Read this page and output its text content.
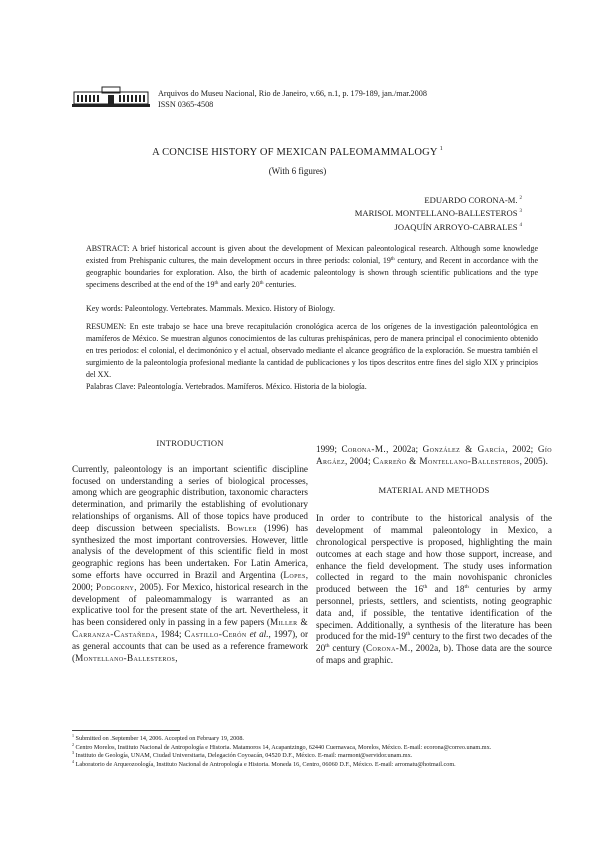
Arquivos do Museu Nacional, Rio de Janeiro, v.66, n.1, p. 179-189, jan./mar.2008
ISSN 0365-4508
A CONCISE HISTORY OF MEXICAN PALEOMAMMALOGY $^1$
(With 6 figures)
EDUARDO CORONA-M. $^2$
MARISOL MONTELLANO-BALLESTEROS $^3$
JOAQUÍN ARROYO-CABRALES $^4$

ABSTRACT: A brief historical account is given about the development of Mexican paleontological research. Although some knowledge existed from Prehispanic cultures, the main development occurs in three periods: colonial, 19th century, and Recent in accordance with the geographic boundaries for exploration. Also, the birth of academic paleontology is shown through scientific publications and the type specimens described at the end of the 19th and early 20th centuries.

Key words: Paleontology. Vertebrates. Mammals. Mexico. History of Biology.
RESUMEN: En este trabajo se hace una breve recapitulación cronológica acerca de los orígenes de la investigación paleontológica en mamíferos de México. Se muestran algunos conocimientos de las culturas prehispánicas, pero de manera principal el conocimiento obtenido en tres periodos: el colonial, el decimonónico y el actual, observado mediante el alcance geográfico de la exploración. Se muestra también el surgimiento de la paleontología profesional mediante la cantidad de publicaciones y los tipos descritos entre fines del siglo XIX y principios del XX.
Palabras Clave: Paleontología. Vertebrados. Mamíferos. México. Historia de la biología.
INTRODUCTION

Currently, paleontology is an important scientific discipline focused on understanding a series of biological processes, among which are geographic distribution, taxonomic characters determination, and primarily the establishing of evolutionary relationships of organisms. All of those topics have produced deep discussion between specialists. Bowler (1996) has synthesized the most important controversies. However, little analysis of the development of this scientific field in most geographic regions has been undertaken. For Latin America, some efforts have occurred in Brazil and Argentina (Lopes, 2000; Podgorny, 2005). For Mexico, historical research in the development of paleomammalogy is warranted as an explicative tool for the present state of the art. Nevertheless, it has been considered only in passing in a few papers (Miller & Carranza-Castañeda, 1984; Castillo-Cerón et al., 1997), or as general accounts that can be used as a reference framework (Montellano-Ballesteros,

1999; Corona-M., 2002a; González & García, 2002; Gío Argáez, 2004; Carreño & Montellano-Ballesteros, 2005).

MATERIAL AND METHODS

In order to contribute to the historical analysis of the development of mammal paleontology in Mexico, a chronological perspective is proposed, highlighting the main outcomes at each stage and how those support, increase, and enhance the field development. The study uses information collected in regard to the main novohispanic chronicles produced between the 16th and 18th centuries by army personnel, priests, settlers, and scientists, noting geographic data and, if possible, the tentative identification of the specimen. Additionally, a synthesis of the literature has been produced for the mid-19th century to the first two decades of the 20th century (Corona-M., 2002a, b). Those data are the source of maps and graphic.

$^1$ Submitted on .September 14, 2006. Accepted on February 19, 2008.

$^2$ Centro Morelos, Instituto Nacional de Antropología e Historia. Matamoros 14, Acapantzingo, 62440 Cuernavaca, Morelos, México. E-mail: ecorona@correo.unam.mx.

$^3$ Instituto de Geología, UNAM, Ciudad Universitaria, Delegación Coyoacán, 04520 D.F., México. E-mail: marmont@servidor.unam.mx.

$^4$ Laboratorio de Arqueozoología, Instituto Nacional de Antropología e Historia. Moneda 16, Centro, 06060 D.F., México. E-mail: arromatu@hotmail.com.
